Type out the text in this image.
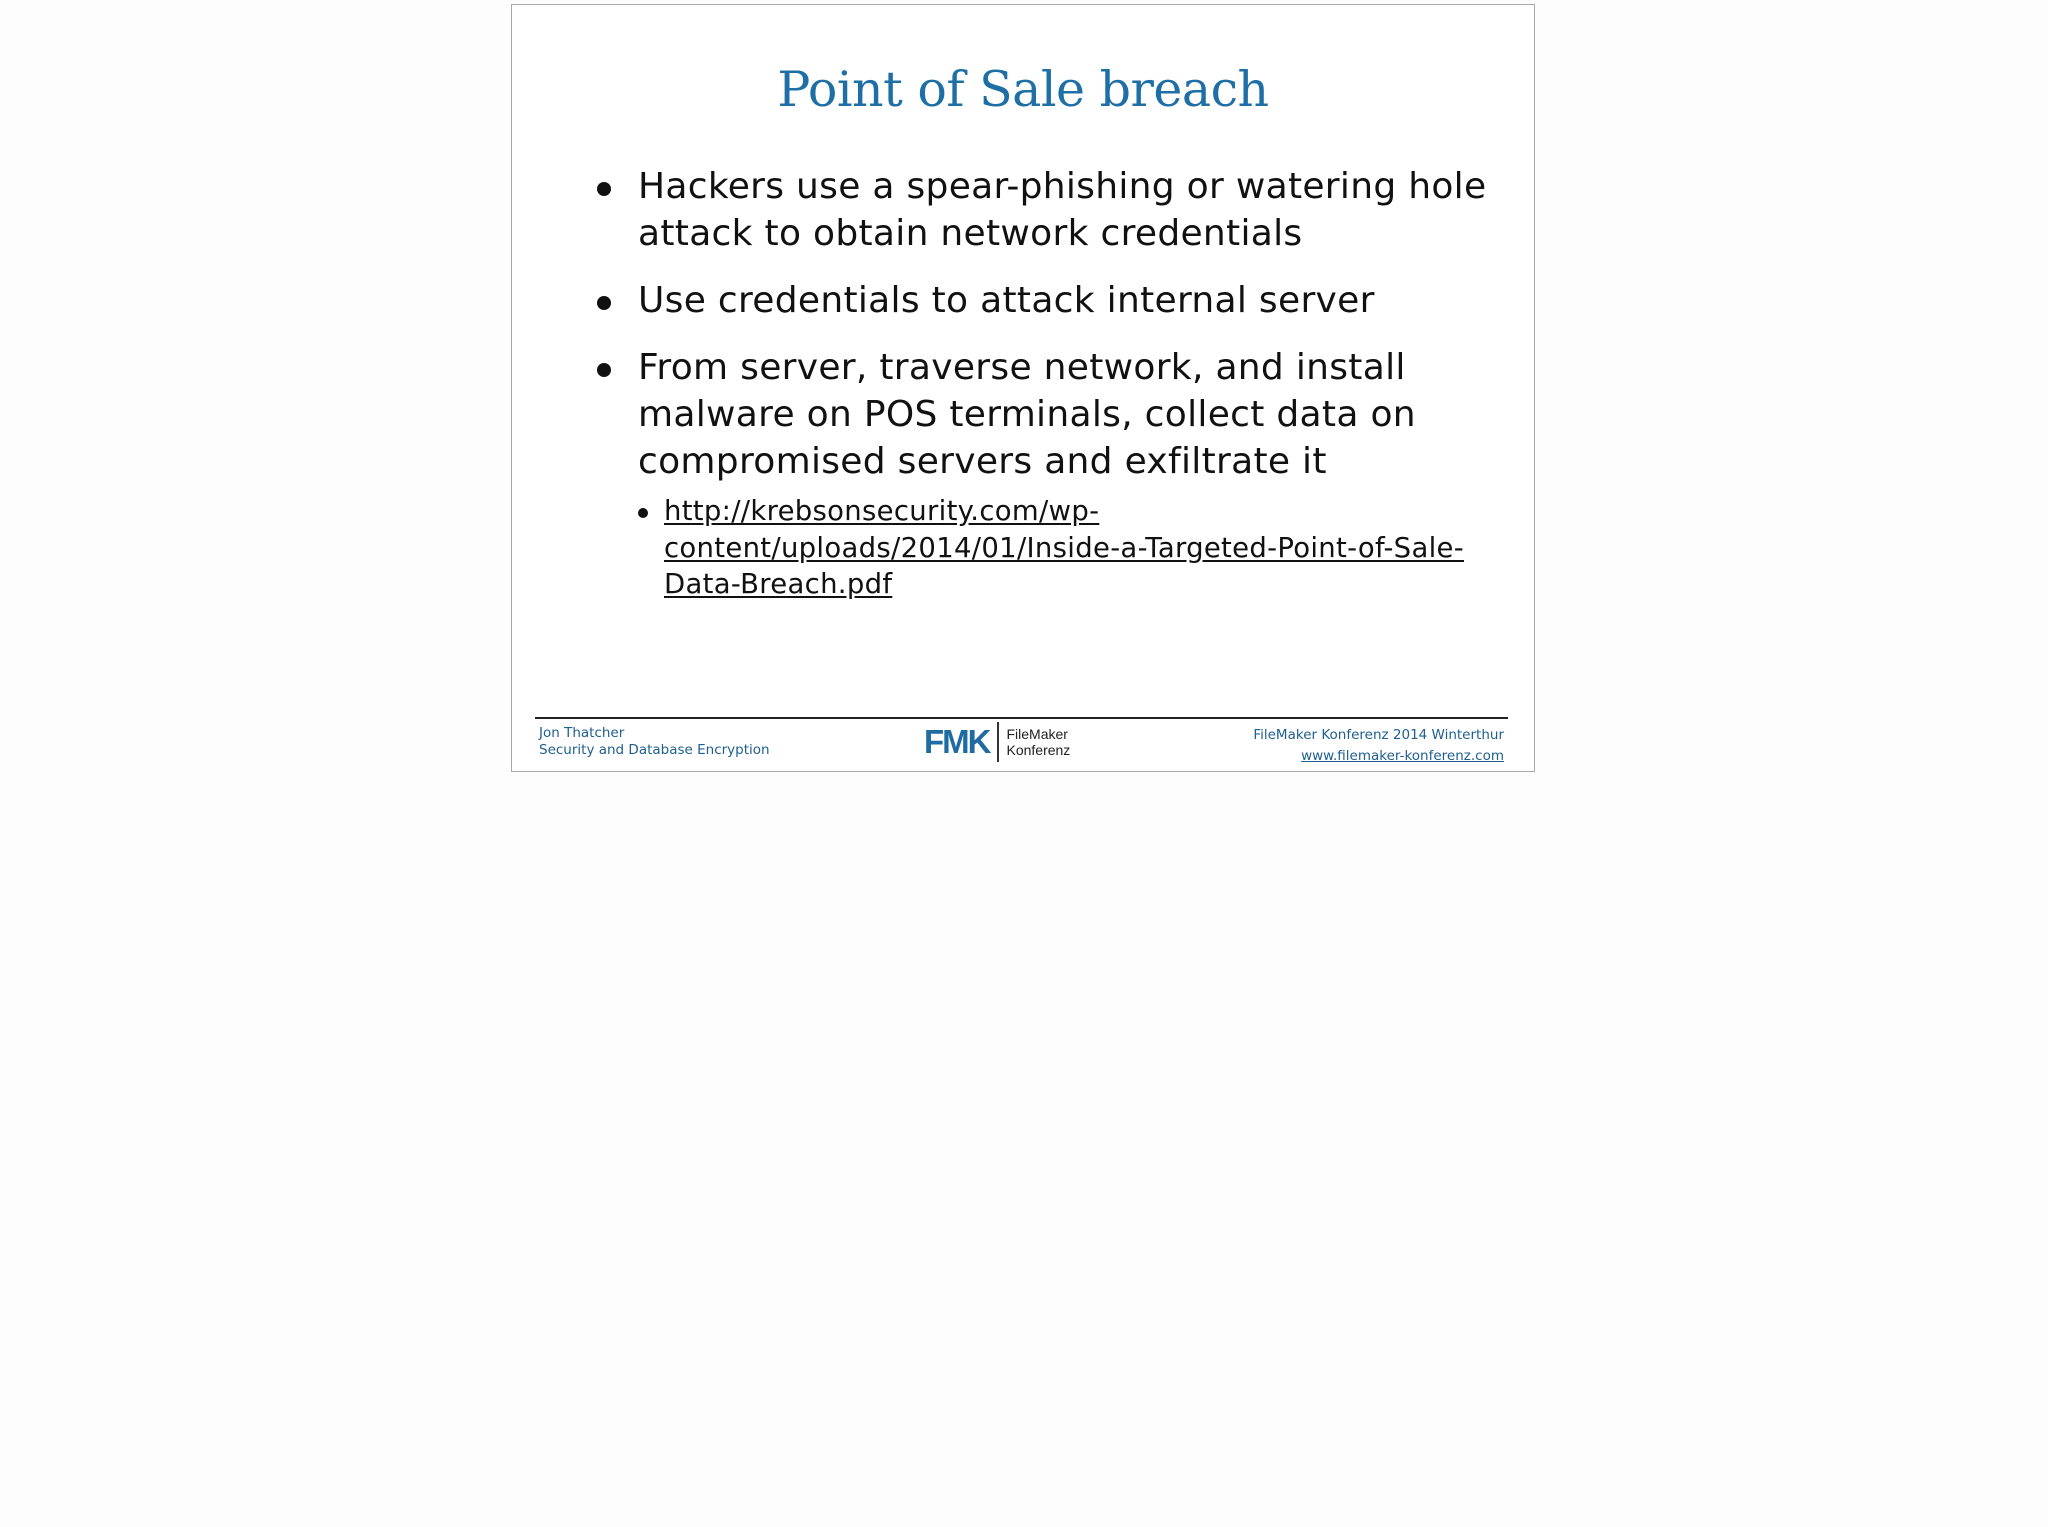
Point of Sale breach
Hackers use a spear-phishing or watering hole attack to obtain network credentials
Use credentials to attack internal server
From server, traverse network, and install malware on POS terminals, collect data on compromised servers and exfiltrate it
http://krebsonsecurity.com/wp-content/uploads/2014/01/Inside-a-Targeted-Point-of-Sale-Data-Breach.pdf
Jon Thatcher
Security and Database Encryption	FMK FileMaker
Konferenz
FileMaker Konferenz 2014 Winterthur
www.filemaker-konferenz.com
